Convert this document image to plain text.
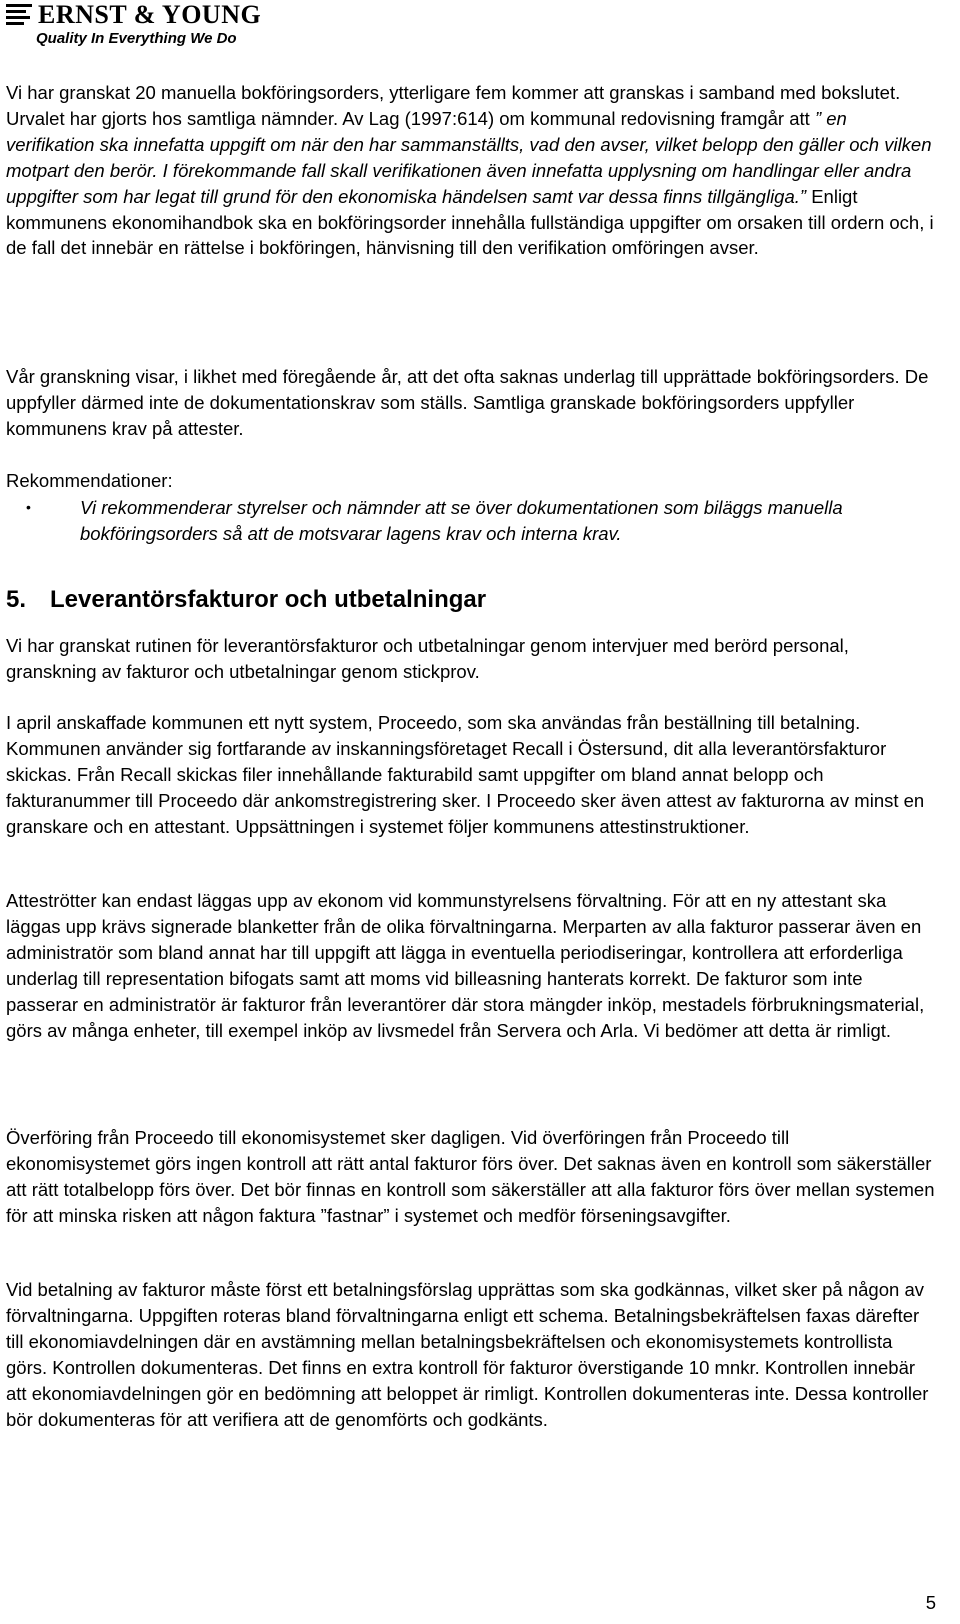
ERNST & YOUNG
Quality In Everything We Do

Vi har granskat 20 manuella bokföringsorders, ytterligare fem kommer att granskas i samband med bokslutet. Urvalet har gjorts hos samtliga nämnder. Av Lag (1997:614) om kommunal redovisning framgår att ” en verifikation ska innefatta uppgift om när den har sammanställts, vad den avser, vilket belopp den gäller och vilken motpart den berör. I förekommande fall skall verifikationen även innefatta upplysning om handlingar eller andra uppgifter som har legat till grund för den ekonomiska händelsen samt var dessa finns tillgängliga.” Enligt kommunens ekonomihandbok ska en bokföringsorder innehålla fullständiga uppgifter om orsaken till ordern och, i de fall det innebär en rättelse i bokföringen, hänvisning till den verifikation omföringen avser.

Vår granskning visar, i likhet med föregående år, att det ofta saknas underlag till upprättade bokföringsorders. De uppfyller därmed inte de dokumentationskrav som ställs. Samtliga granskade bokföringsorders uppfyller kommunens krav på attester.

Rekommendationer:
•	Vi rekommenderar styrelser och nämnder att se över dokumentationen som biläggs manuella bokföringsorders så att de motsvarar lagens krav och interna krav.
5. Leverantörsfakturor och utbetalningar

Vi har granskat rutinen för leverantörsfakturor och utbetalningar genom intervjuer med berörd personal, granskning av fakturor och utbetalningar genom stickprov.

I april anskaffade kommunen ett nytt system, Proceedo, som ska användas från beställning till betalning. Kommunen använder sig fortfarande av inskanningsföretaget Recall i Östersund, dit alla leverantörsfakturor skickas. Från Recall skickas filer innehållande fakturabild samt uppgifter om bland annat belopp och fakturanummer till Proceedo där ankomstregistrering sker. I Proceedo sker även attest av fakturorna av minst en granskare och en attestant. Uppsättningen i systemet följer kommunens attestinstruktioner.

Atteströtter kan endast läggas upp av ekonom vid kommunstyrelsens förvaltning. För att en ny attestant ska läggas upp krävs signerade blanketter från de olika förvaltningarna. Merparten av alla fakturor passerar även en administratör som bland annat har till uppgift att lägga in eventuella periodiseringar, kontrollera att erforderliga underlag till representation bifogats samt att moms vid billeasning hanterats korrekt. De fakturor som inte passerar en administratör är fakturor från leverantörer där stora mängder inköp, mestadels förbrukningsmaterial, görs av många enheter, till exempel inköp av livsmedel från Servera och Arla. Vi bedömer att detta är rimligt.

Överföring från Proceedo till ekonomisystemet sker dagligen. Vid överföringen från Proceedo till ekonomisystemet görs ingen kontroll att rätt antal fakturor förs över. Det saknas även en kontroll som säkerställer att rätt totalbelopp förs över. Det bör finnas en kontroll som säkerställer att alla fakturor förs över mellan systemen för att minska risken att någon faktura ”fastnar” i systemet och medför förseningsavgifter.

Vid betalning av fakturor måste först ett betalningsförslag upprättas som ska godkännas, vilket sker på någon av förvaltningarna. Uppgiften roteras bland förvaltningarna enligt ett schema. Betalningsbekräftelsen faxas därefter till ekonomiavdelningen där en avstämning mellan betalningsbekräftelsen och ekonomisystemets kontrollista görs. Kontrollen dokumenteras. Det finns en extra kontroll för fakturor överstigande 10 mnkr. Kontrollen innebär att ekonomiavdelningen gör en bedömning att beloppet är rimligt. Kontrollen dokumenteras inte. Dessa kontroller bör dokumenteras för att verifiera att de genomförts och godkänts.

5
